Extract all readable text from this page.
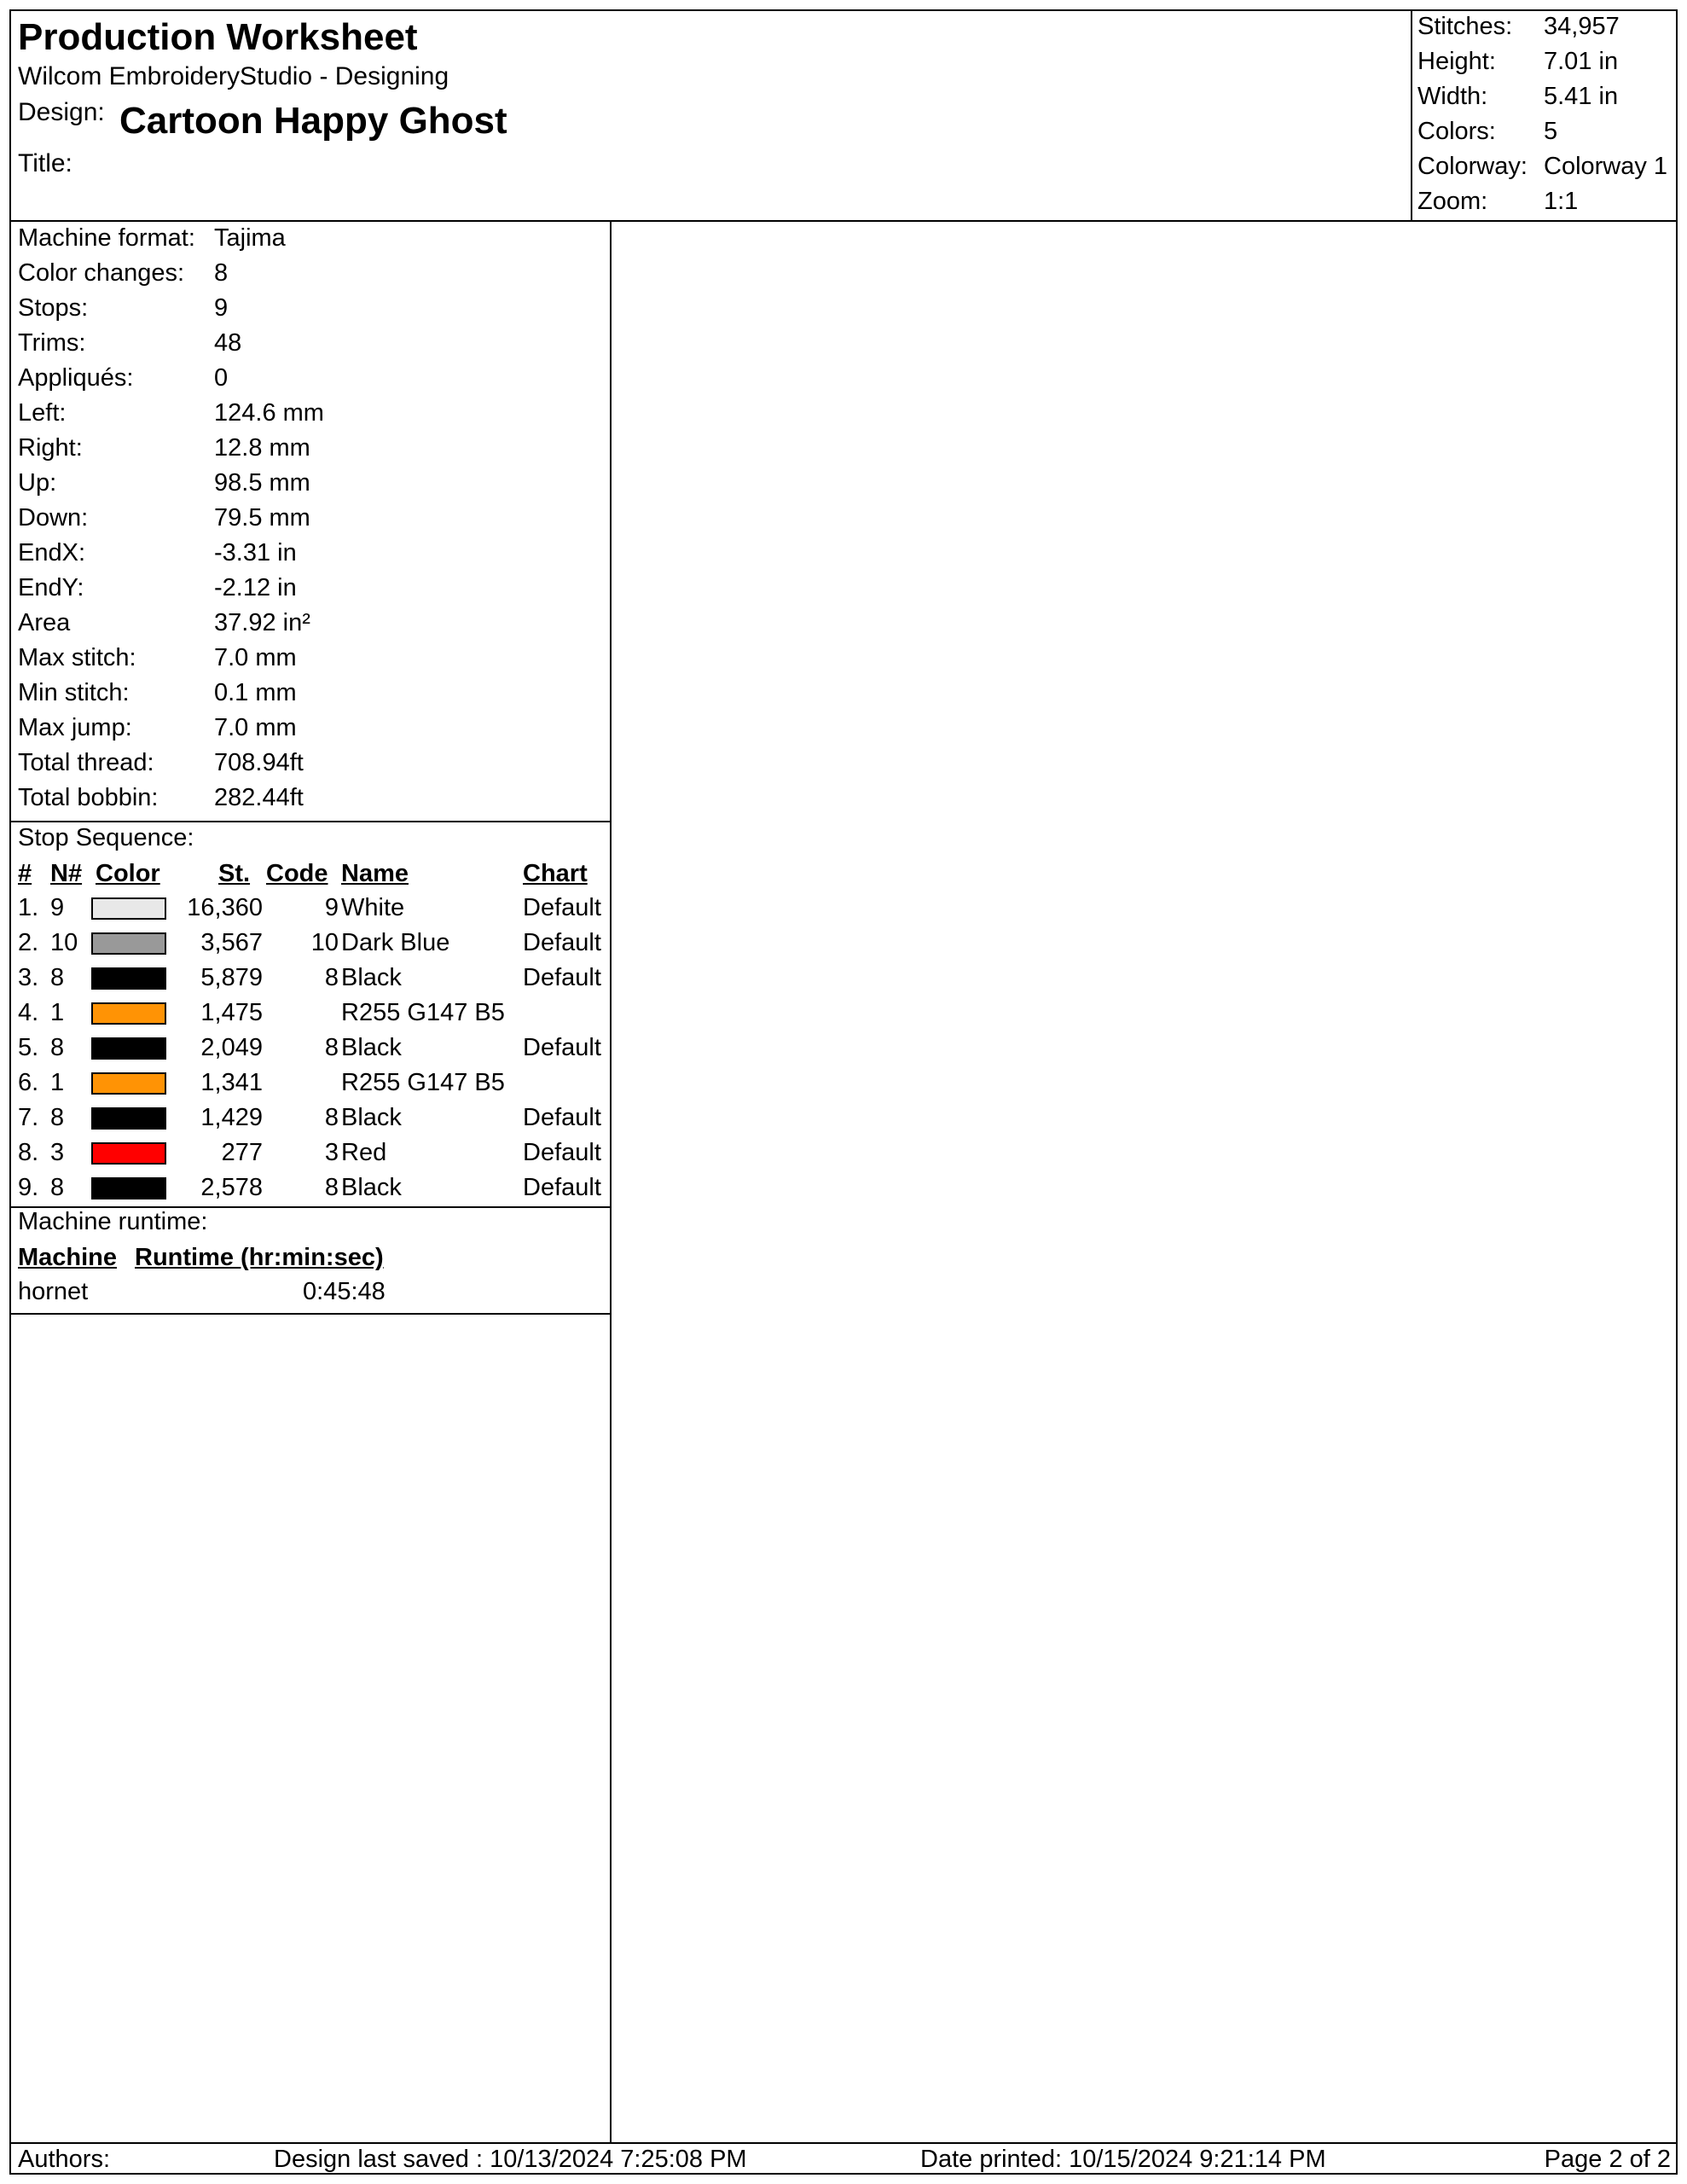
Production Worksheet
Wilcom EmbroideryStudio - Designing
Design: Cartoon Happy Ghost
Title:
Stitches: 34,957
Height: 7.01 in
Width: 5.41 in
Colors: 5
Colorway: Colorway 1
Zoom: 1:1
Machine format: Tajima
Color changes: 8
Stops:	9
Trims:	48
Appliqués:	0
Left:	124.6 mm
Right:	12.8 mm
Up:	98.5 mm
Down:	79.5 mm
EndX:	-3.31 in
EndY:	-2.12 in
Area	37.92 in²
Max stitch:	7.0 mm
Min stitch:	0.1 mm
Max jump:	7.0 mm
Total thread: 708.94ft
Total bobbin: 282.44ft
Stop Sequence:
# N# Color St. Code Name	Chart
1. 9	16,360	9 White	Default
2. 10	3,567 10 Dark Blue	Default
3. 8	5,879	8 Black	Default
4. 1	1,475	R255 G147 B5
5. 8	2,049	8 Black	Default
6. 1	1,341	R255 G147 B5
7. 8	1,429	8 Black	Default
8. 3	277	3 Red	Default
9. 8	2,578	8 Black	Default
Machine runtime:
Machine Runtime (hr:min:sec)
hornet	0:45:48
Authors:	Design last saved : 10/13/2024 7:25:08 PM	Date printed: 10/15/2024 9:21:14 PM	Page 2 of 2
